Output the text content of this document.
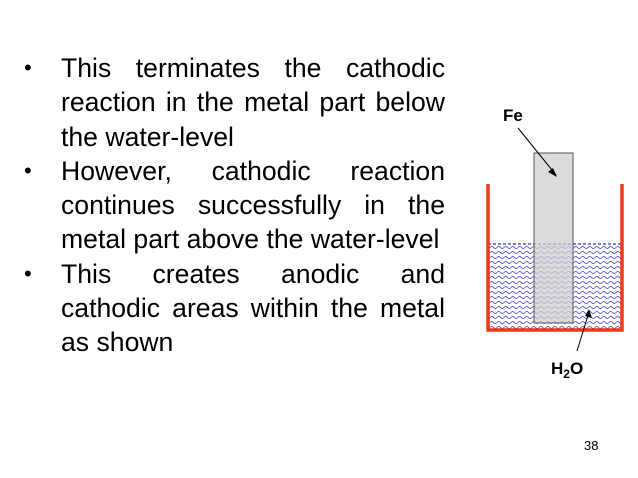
• This terminates the cathodic reaction in the metal part below the water-level
• However, cathodic reaction continues successfully in the metal part above the water-level
• This creates anodic and cathodic areas within the metal as shown
Fe
$H_2O$
38
